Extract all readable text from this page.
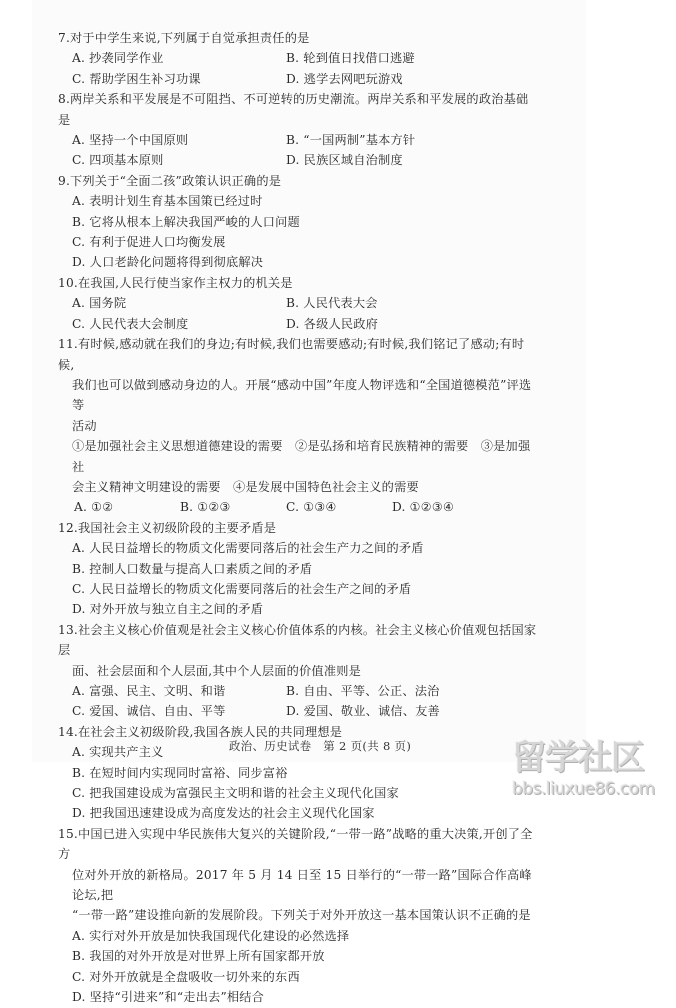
7.对于中学生来说,下列属于自觉承担责任的是
A. 抄袭同学作业	B. 轮到值日找借口逃避
C. 帮助学困生补习功课	D. 逃学去网吧玩游戏
8.两岸关系和平发展是不可阻挡、不可逆转的历史潮流。两岸关系和平发展的政治基础是
A. 坚持一个中国原则	B. “一国两制”基本方针
C. 四项基本原则	D. 民族区域自治制度
9.下列关于“全面二孩”政策认识正确的是
A. 表明计划生育基本国策已经过时
B. 它将从根本上解决我国严峻的人口问题
C. 有利于促进人口均衡发展
D. 人口老龄化问题将得到彻底解决
10.在我国,人民行使当家作主权力的机关是
A. 国务院	B. 人民代表大会
C. 人民代表大会制度	D. 各级人民政府
11.有时候,感动就在我们的身边;有时候,我们也需要感动;有时候,我们铭记了感动;有时候,
我们也可以做到感动身边的人。开展“感动中国”年度人物评选和“全国道德模范”评选等
活动
①是加强社会主义思想道德建设的需要　②是弘扬和培育民族精神的需要　③是加强社
会主义精神文明建设的需要　④是发展中国特色社会主义的需要
A. ①②	B. ①②③	C. ①③④	D. ①②③④
12.我国社会主义初级阶段的主要矛盾是
A. 人民日益增长的物质文化需要同落后的社会生产力之间的矛盾
B. 控制人口数量与提高人口素质之间的矛盾
C. 人民日益增长的物质文化需要同落后的社会生产之间的矛盾
D. 对外开放与独立自主之间的矛盾
13.社会主义核心价值观是社会主义核心价值体系的内核。社会主义核心价值观包括国家层
面、社会层面和个人层面,其中个人层面的价值准则是
A. 富强、民主、文明、和谐	B. 自由、平等、公正、法治
C. 爱国、诚信、自由、平等	D. 爱国、敬业、诚信、友善
14.在社会主义初级阶段,我国各族人民的共同理想是
A. 实现共产主义
B. 在短时间内实现同时富裕、同步富裕
C. 把我国建设成为富强民主文明和谐的社会主义现代化国家
D. 把我国迅速建设成为高度发达的社会主义现代化国家
15.中国已进入实现中华民族伟大复兴的关键阶段,“一带一路”战略的重大决策,开创了全方
位对外开放的新格局。2017 年 5 月 14 日至 15 日举行的“一带一路”国际合作高峰论坛,把
“一带一路”建设推向新的发展阶段。下列关于对外开放这一基本国策认识不正确的是
A. 实行对外开放是加快我国现代化建设的必然选择
B. 我国的对外开放是对世界上所有国家都开放
C. 对外开放就是全盘吸收一切外来的东西
D. 坚持“引进来”和“走出去”相结合
政治、历史试卷　第 2 页(共 8 页)	留学社区
bbs.liuxue86.com
